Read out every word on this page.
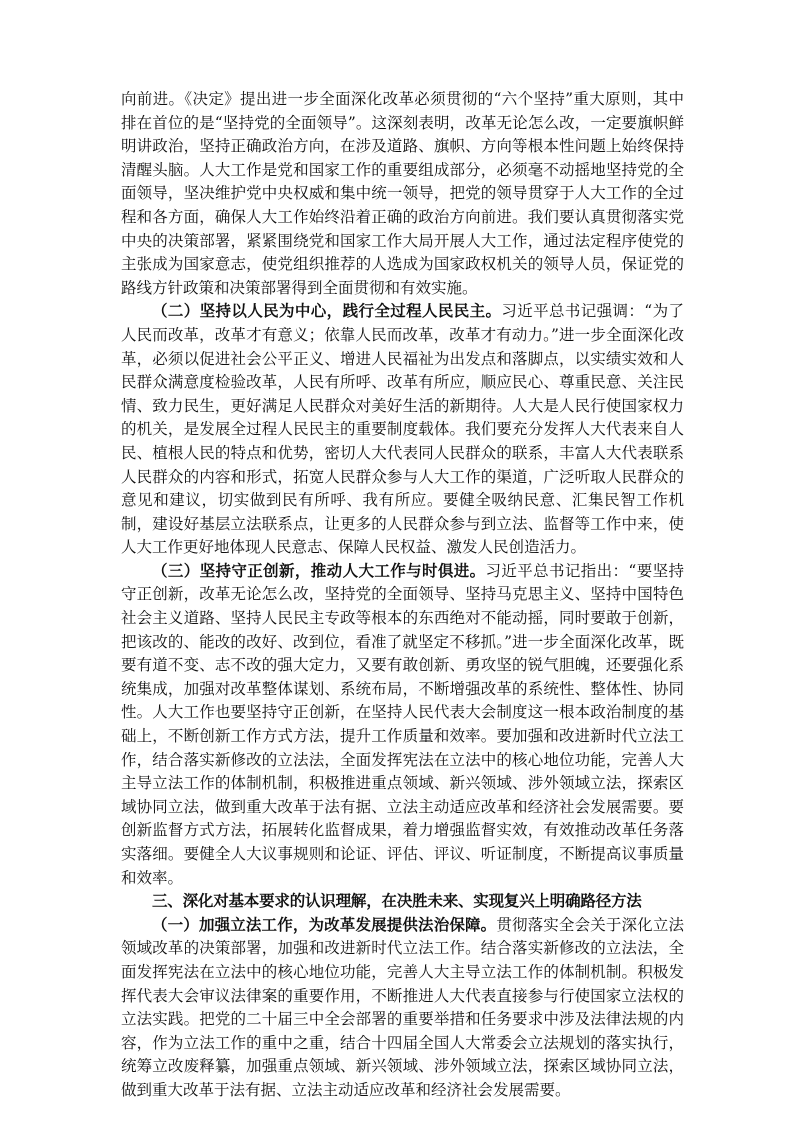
向前进。《决定》提出进一步全面深化改革必须贯彻的“六个坚持”重大原则，其中排在首位的是“坚持党的全面领导”。这深刻表明，改革无论怎么改，一定要旗帜鲜明讲政治，坚持正确政治方向，在涉及道路、旗帜、方向等根本性问题上始终保持清醒头脑。人大工作是党和国家工作的重要组成部分，必须毫不动摇地坚持党的全面领导，坚决维护党中央权威和集中统一领导，把党的领导贯穿于人大工作的全过程和各方面，确保人大工作始终沿着正确的政治方向前进。我们要认真贯彻落实党中央的决策部署，紧紧围绕党和国家工作大局开展人大工作，通过法定程序使党的主张成为国家意志，使党组织推荐的人选成为国家政权机关的领导人员，保证党的路线方针政策和决策部署得到全面贯彻和有效实施。

（二）坚持以人民为中心，践行全过程人民民主。习近平总书记强调：“为了人民而改革，改革才有意义；依靠人民而改革，改革才有动力。”进一步全面深化改革，必须以促进社会公平正义、增进人民福祉为出发点和落脚点，以实绩实效和人民群众满意度检验改革，人民有所呼、改革有所应，顺应民心、尊重民意、关注民情、致力民生，更好满足人民群众对美好生活的新期待。人大是人民行使国家权力的机关，是发展全过程人民民主的重要制度载体。我们要充分发挥人大代表来自人民、植根人民的特点和优势，密切人大代表同人民群众的联系，丰富人大代表联系人民群众的内容和形式，拓宽人民群众参与人大工作的渠道，广泛听取人民群众的意见和建议，切实做到民有所呼、我有所应。要健全吸纳民意、汇集民智工作机制，建设好基层立法联系点，让更多的人民群众参与到立法、监督等工作中来，使人大工作更好地体现人民意志、保障人民权益、激发人民创造活力。

（三）坚持守正创新，推动人大工作与时俱进。习近平总书记指出：“要坚持守正创新，改革无论怎么改，坚持党的全面领导、坚持马克思主义、坚持中国特色社会主义道路、坚持人民民主专政等根本的东西绝对不能动摇，同时要敢于创新，把该改的、能改的改好、改到位，看准了就坚定不移抓。”进一步全面深化改革，既要有道不变、志不改的强大定力，又要有敢创新、勇攻坚的锐气胆魄，还要强化系统集成，加强对改革整体谋划、系统布局，不断增强改革的系统性、整体性、协同性。人大工作也要坚持守正创新，在坚持人民代表大会制度这一根本政治制度的基础上，不断创新工作方式方法，提升工作质量和效率。要加强和改进新时代立法工作，结合落实新修改的立法法，全面发挥宪法在立法中的核心地位功能，完善人大主导立法工作的体制机制，积极推进重点领域、新兴领域、涉外领域立法，探索区域协同立法，做到重大改革于法有据、立法主动适应改革和经济社会发展需要。要创新监督方式方法，拓展转化监督成果，着力增强监督实效，有效推动改革任务落实落细。要健全人大议事规则和论证、评估、评议、听证制度，不断提高议事质量和效率。

三、深化对基本要求的认识理解，在决胜未来、实现复兴上明确路径方法

（一）加强立法工作，为改革发展提供法治保障。贯彻落实全会关于深化立法领域改革的决策部署，加强和改进新时代立法工作。结合落实新修改的立法法，全面发挥宪法在立法中的核心地位功能，完善人大主导立法工作的体制机制。积极发挥代表大会审议法律案的重要作用，不断推进人大代表直接参与行使国家立法权的立法实践。把党的二十届三中全会部署的重要举措和任务要求中涉及法律法规的内容，作为立法工作的重中之重，结合十四届全国人大常委会立法规划的落实执行，统筹立改废释纂，加强重点领域、新兴领域、涉外领域立法，探索区域协同立法，做到重大改革于法有据、立法主动适应改革和经济社会发展需要。
